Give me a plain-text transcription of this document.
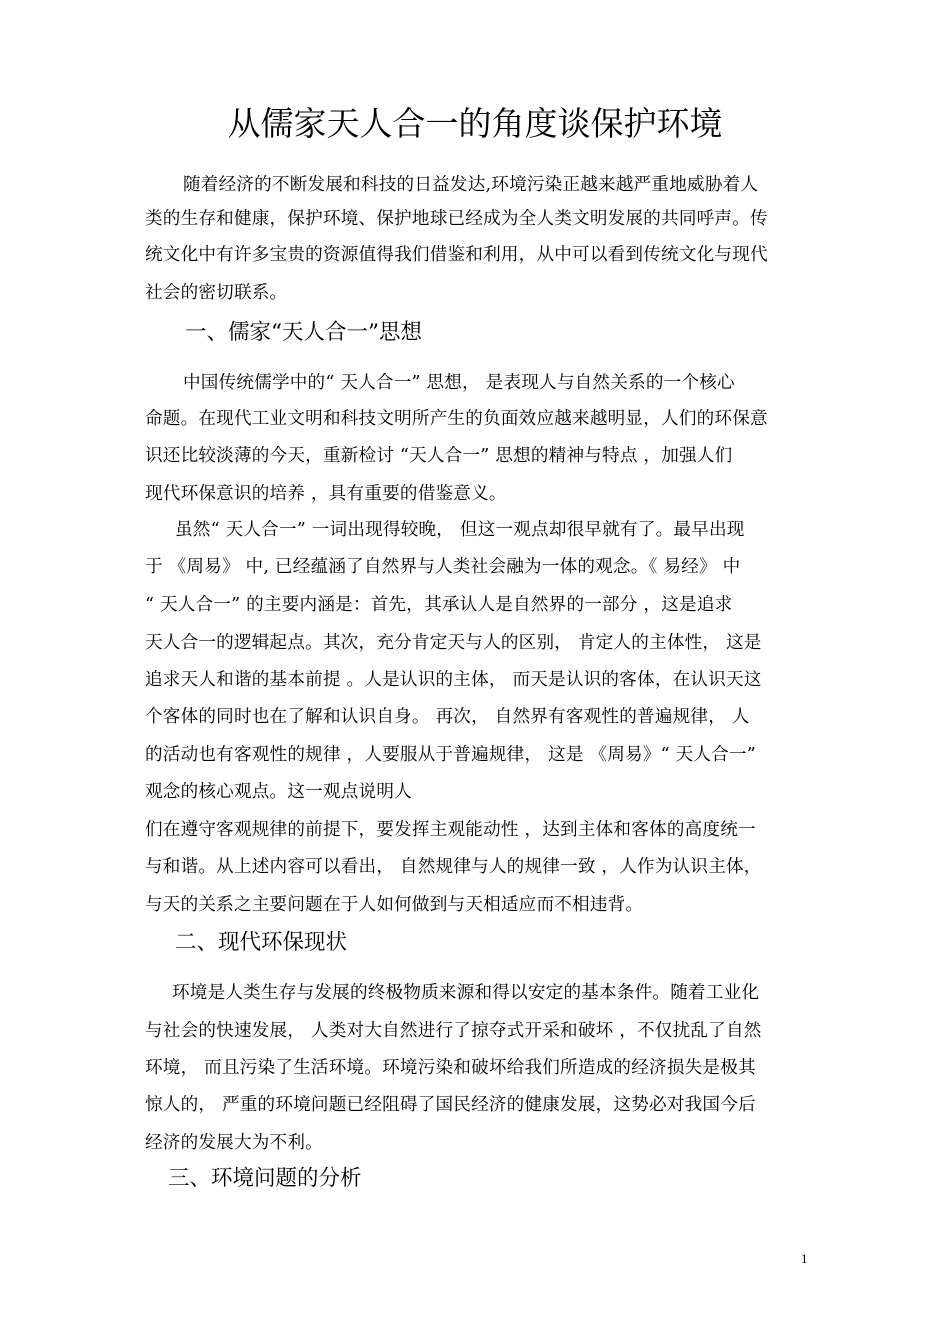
从儒家天人合一的角度谈保护环境
随着经济的不断发展和科技的日益发达,环境污染正越来越严重地威胁着人
类的生存和健康，保护环境、保护地球已经成为全人类文明发展的共同呼声。传
统文化中有许多宝贵的资源值得我们借鉴和利用，从中可以看到传统文化与现代
社会的密切联系。
一、儒家“天人合一”思想
中国传统儒学中的“ 天人合一” 思想， 是表现人与自然关系的一个核心
命题。在现代工业文明和科技文明所产生的负面效应越来越明显，人们的环保意
识还比较淡薄的今天，重新检讨 “天人合一” 思想的精神与特点 ，加强人们
现代环保意识的培养 ，具有重要的借鉴意义。
虽然“ 天人合一” 一词出现得较晚， 但这一观点却很早就有了。最早出现
于 《周易》 中, 已经蕴涵了自然界与人类社会融为一体的观念。《 易经》 中
“ 天人合一” 的主要内涵是：首先，其承认人是自然界的一部分 ，这是追求
天人合一的逻辑起点。其次，充分肯定天与人的区别， 肯定人的主体性， 这是
追求天人和谐的基本前提 。人是认识的主体， 而天是认识的客体，在认识天这
个客体的同时也在了解和认识自身。 再次， 自然界有客观性的普遍规律， 人
的活动也有客观性的规律 ，人要服从于普遍规律， 这是 《周易》“ 天人合一”
观念的核心观点。这一观点说明人
们在遵守客观规律的前提下，要发挥主观能动性 ，达到主体和客体的高度统一
与和谐。从上述内容可以看出， 自然规律与人的规律一致 ，人作为认识主体，
与天的关系之主要问题在于人如何做到与天相适应而不相违背。
二、现代环保现状
环境是人类生存与发展的终极物质来源和得以安定的基本条件。随着工业化
与社会的快速发展， 人类对大自然进行了掠夺式开采和破坏 ，不仅扰乱了自然
环境， 而且污染了生活环境。环境污染和破坏给我们所造成的经济损失是极其
惊人的， 严重的环境问题已经阻碍了国民经济的健康发展，这势必对我国今后
经济的发展大为不利。
三、环境问题的分析
1
